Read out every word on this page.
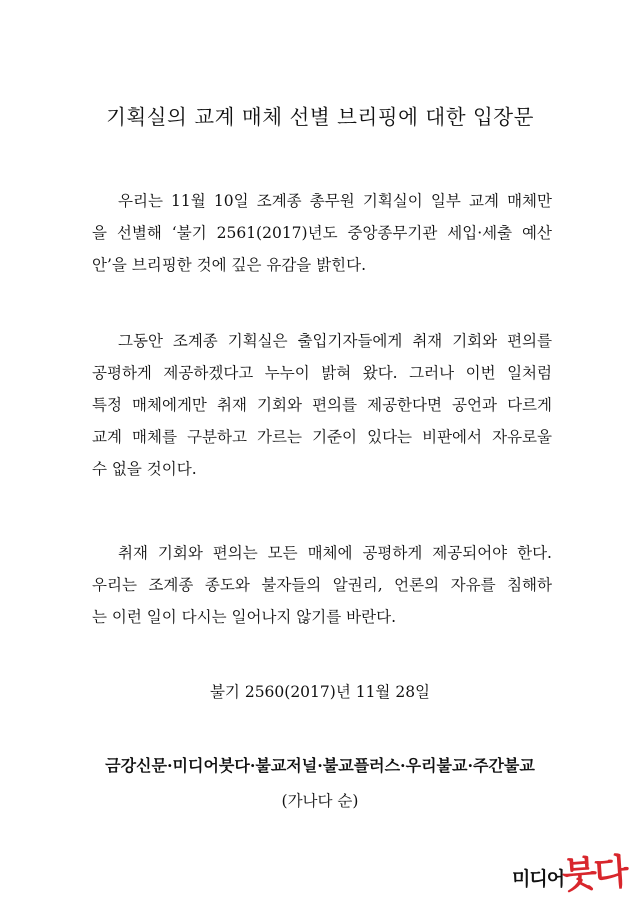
기획실의 교계 매체 선별 브리핑에 대한 입장문
우리는 11월 10일 조계종 총무원 기획실이 일부 교계 매체만
을 선별해 ‘불기 2561(2017)년도 중앙종무기관 세입·세출 예산
안’을 브리핑한 것에 깊은 유감을 밝힌다.
그동안 조계종 기획실은 출입기자들에게 취재 기회와 편의를
공평하게 제공하겠다고 누누이 밝혀 왔다. 그러나 이번 일처럼
특정 매체에게만 취재 기회와 편의를 제공한다면 공언과 다르게
교계 매체를 구분하고 가르는 기준이 있다는 비판에서 자유로울
수 없을 것이다.
취재 기회와 편의는 모든 매체에 공평하게 제공되어야 한다.
우리는 조계종 종도와 불자들의 알권리, 언론의 자유를 침해하
는 이런 일이 다시는 일어나지 않기를 바란다.
불기 2560(2017)년 11월 28일
금강신문·미디어붓다·불교저널·불교플러스·우리불교·주간불교
(가나다 순)
미디어
붓다
